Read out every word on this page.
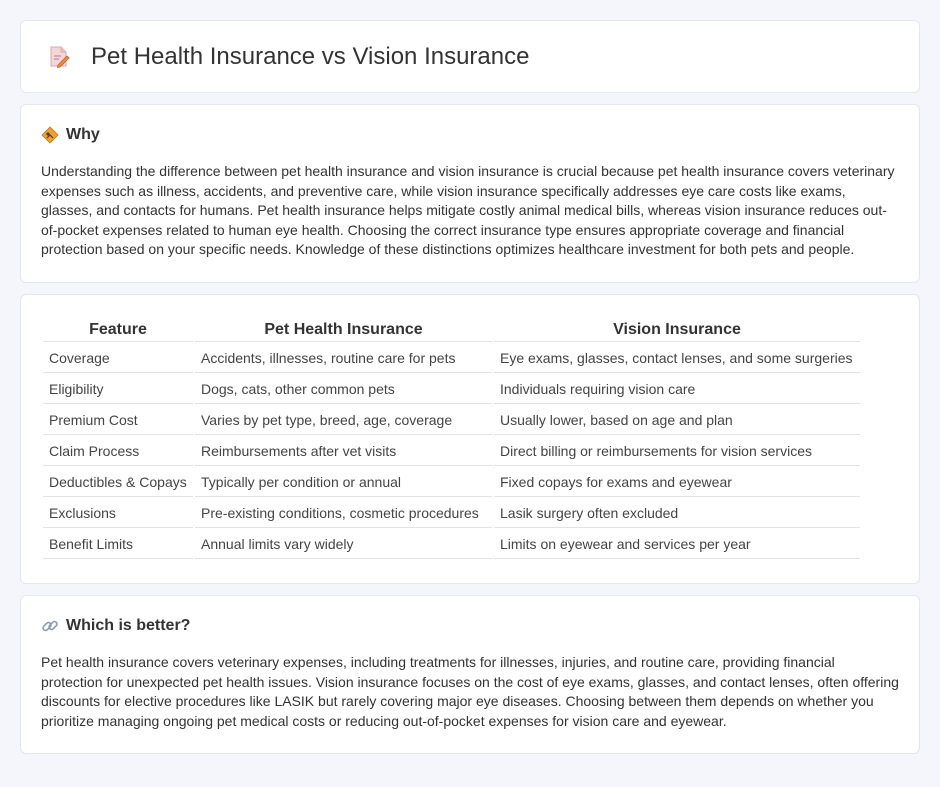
Pet Health Insurance vs Vision Insurance
Why

Understanding the difference between pet health insurance and vision insurance is crucial because pet health insurance covers veterinary expenses such as illness, accidents, and preventive care, while vision insurance specifically addresses eye care costs like exams, glasses, and contacts for humans. Pet health insurance helps mitigate costly animal medical bills, whereas vision insurance reduces out-of-pocket expenses related to human eye health. Choosing the correct insurance type ensures appropriate coverage and financial protection based on your specific needs. Knowledge of these distinctions optimizes healthcare investment for both pets and people.

Feature	Pet Health Insurance	Vision Insurance
Coverage	Accidents, illnesses, routine care for pets	Eye exams, glasses, contact lenses, and some surgeries
Eligibility	Dogs, cats, other common pets	Individuals requiring vision care
Premium Cost	Varies by pet type, breed, age, coverage	Usually lower, based on age and plan
Claim Process	Reimbursements after vet visits	Direct billing or reimbursements for vision services
Deductibles & Copays	Typically per condition or annual	Fixed copays for exams and eyewear
Exclusions	Pre-existing conditions, cosmetic procedures	Lasik surgery often excluded
Benefit Limits	Annual limits vary widely	Limits on eyewear and services per year
Which is better?

Pet health insurance covers veterinary expenses, including treatments for illnesses, injuries, and routine care, providing financial protection for unexpected pet health issues. Vision insurance focuses on the cost of eye exams, glasses, and contact lenses, often offering discounts for elective procedures like LASIK but rarely covering major eye diseases. Choosing between them depends on whether you prioritize managing ongoing pet medical costs or reducing out-of-pocket expenses for vision care and eyewear.
